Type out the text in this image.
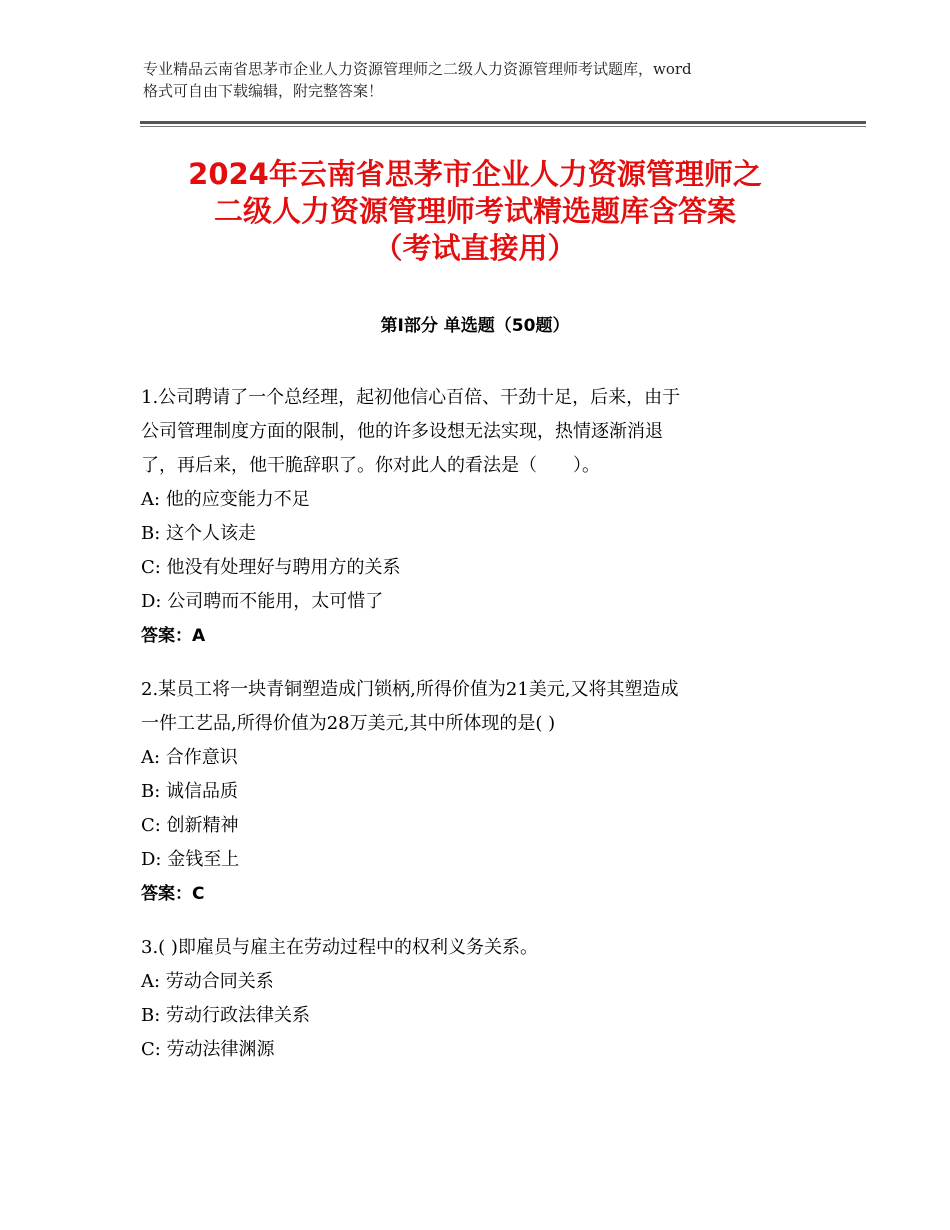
专业精品云南省思茅市企业人力资源管理师之二级人力资源管理师考试题库，word
格式可自由下载编辑，附完整答案！
2024年云南省思茅市企业人力资源管理师之
二级人力资源管理师考试精选题库含答案
（考试直接用）
第Ⅰ部分 单选题（50题）

1.公司聘请了一个总经理，起初他信心百倍、干劲十足，后来，由于

公司管理制度方面的限制，他的许多设想无法实现，热情逐渐消退

了，再后来，他干脆辞职了。你对此人的看法是（　　）。

A: 他的应变能力不足

B: 这个人该走

C: 他没有处理好与聘用方的关系

D: 公司聘而不能用，太可惜了

答案：A

2.某员工将一块青铜塑造成门锁柄,所得价值为21美元,又将其塑造成

一件工艺品,所得价值为28万美元,其中所体现的是( )

A: 合作意识

B: 诚信品质

C: 创新精神

D: 金钱至上

答案：C

3.( )即雇员与雇主在劳动过程中的权利义务关系。

A: 劳动合同关系

B: 劳动行政法律关系

C: 劳动法律渊源
